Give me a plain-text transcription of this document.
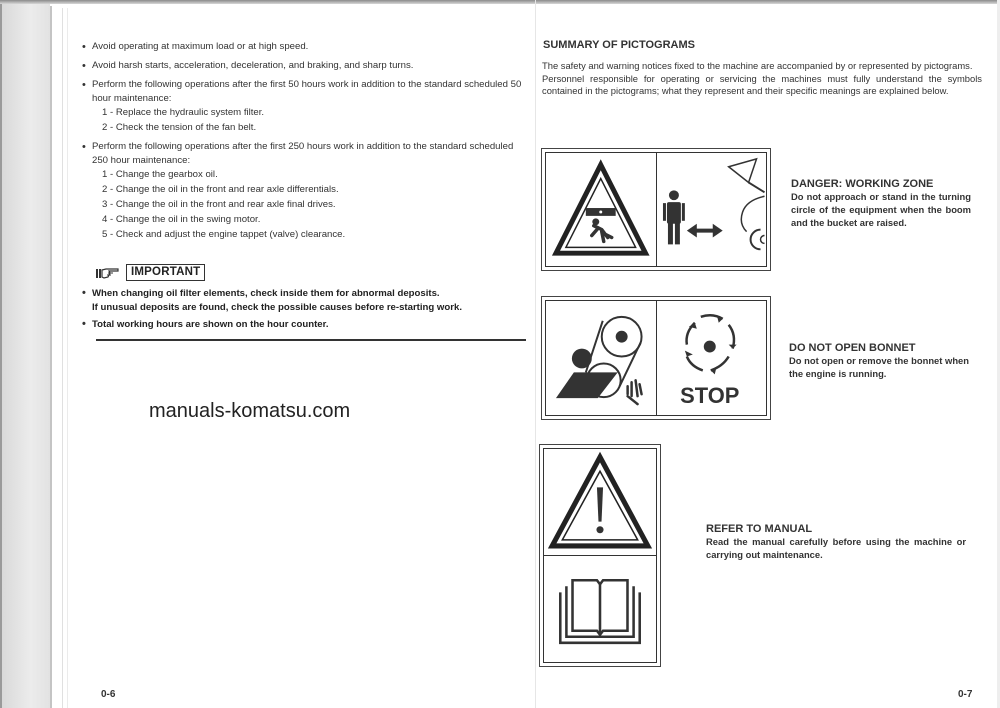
• Avoid operating at maximum load or at high speed.
• Avoid harsh starts, acceleration, deceleration, and braking, and sharp turns.
• Perform the following operations after the first 50 hours work in addition to the standard scheduled 50 hour maintenance:
1 - Replace the hydraulic system filter.
2 - Check the tension of the fan belt.
• Perform the following operations after the first 250 hours work in addition to the standard scheduled 250 hour maintenance:
1 - Change the gearbox oil.
2 - Change the oil in the front and rear axle differentials.
3 - Change the oil in the front and rear axle final drives.
4 - Change the oil in the swing motor.
5 - Check and adjust the engine tappet (valve) clearance.
IMPORTANT
• When changing oil filter elements, check inside them for abnormal deposits.
If unusual deposits are found, check the possible causes before re-starting work.
• Total working hours are shown on the hour counter.
manuals-komatsu.com
0-6
SUMMARY OF PICTOGRAMS
The safety and warning notices fixed to the machine are accompanied by or represented by pictograms.
Personnel responsible for operating or servicing the machines must fully understand the symbols contained in the pictograms; what they represent and their specific meanings are explained below.
DANGER: WORKING ZONE
Do not approach or stand in the turning circle of the equipment when the boom and the bucket are raised.
STOP
DO NOT OPEN BONNET
Do not open or remove the bonnet when the engine is running.
REFER TO MANUAL
Read the manual carefully before using the machine or carrying out maintenance.
0-7
